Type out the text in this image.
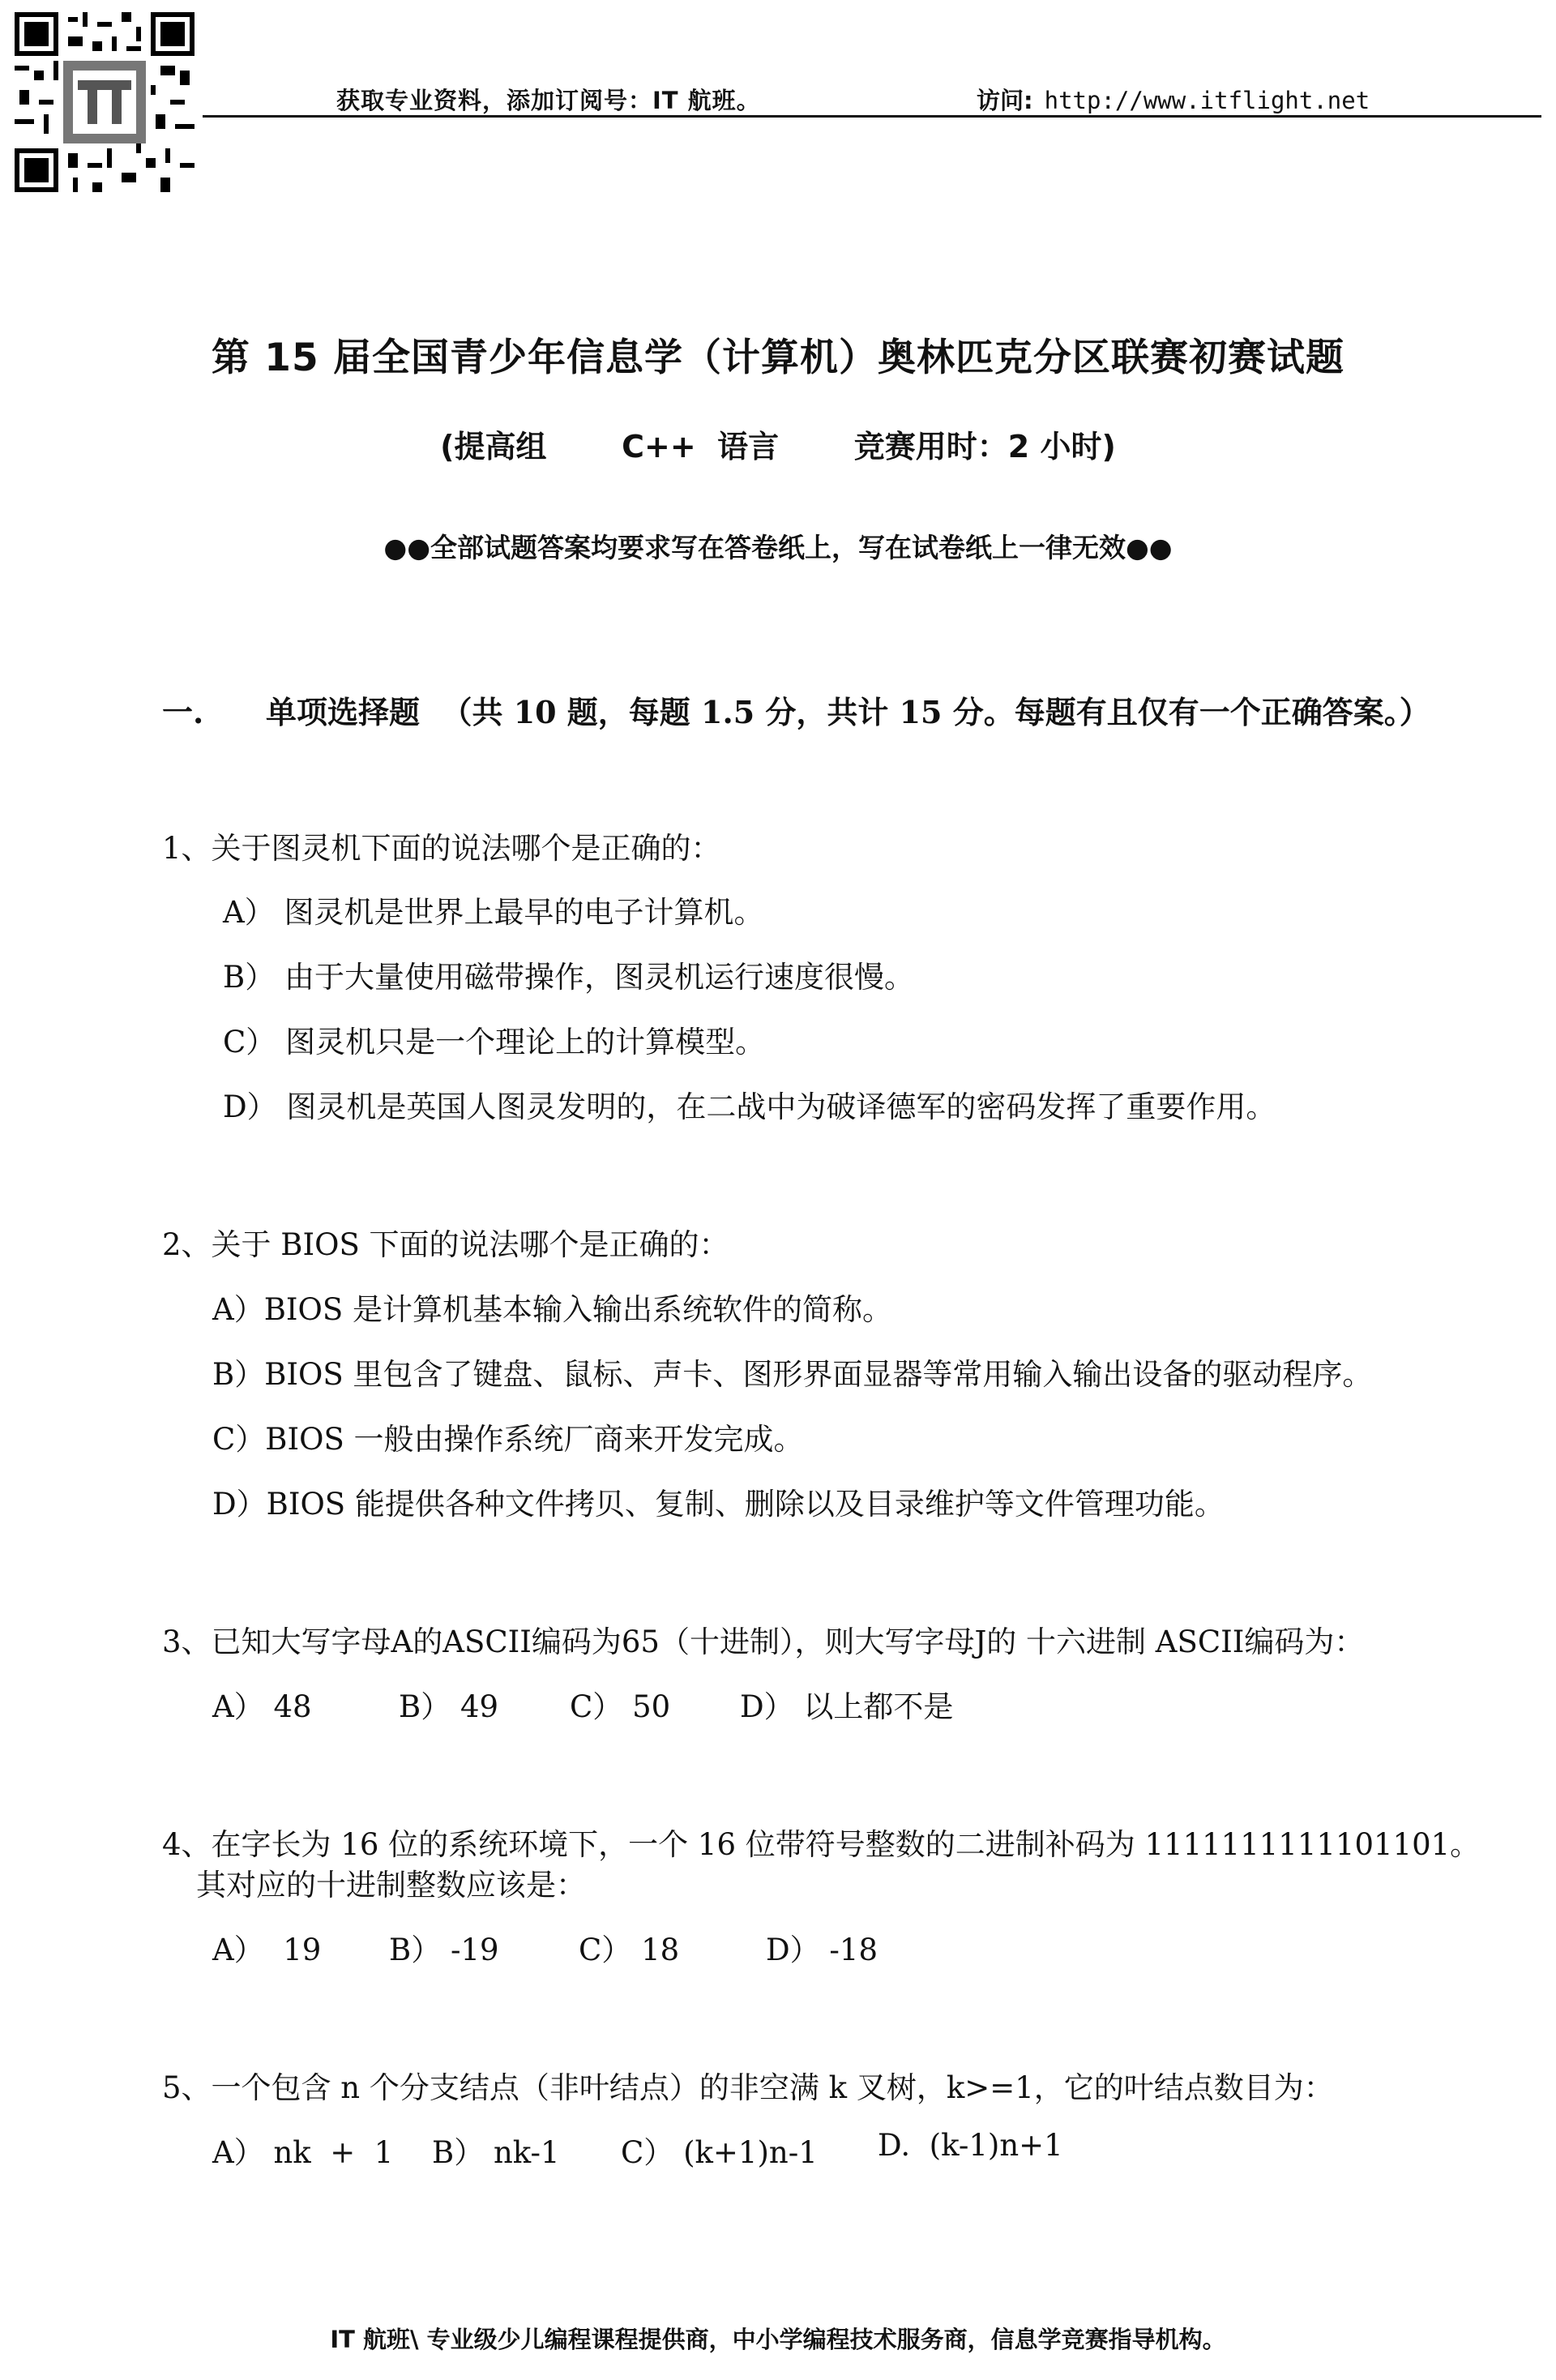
获取专业资料，添加订阅号：IT 航班。	访问: http://www.itflight.net
第 15 届全国青少年信息学（计算机）奥林匹克分区联赛初赛试题
(提高组       C++  语言       竞赛用时：2 小时)
●●全部试题答案均要求写在答卷纸上，写在试卷纸上一律无效●●
一. 单项选择题  （共 10 题，每题 1.5 分，共计 15 分。每题有且仅有一个正确答案。）
1、关于图灵机下面的说法哪个是正确的：
A） 图灵机是世界上最早的电子计算机。
B） 由于大量使用磁带操作，图灵机运行速度很慢。
C） 图灵机只是一个理论上的计算模型。
D） 图灵机是英国人图灵发明的，在二战中为破译德军的密码发挥了重要作用。
2、关于 BIOS 下面的说法哪个是正确的：
A）BIOS 是计算机基本输入输出系统软件的简称。
B）BIOS 里包含了键盘、鼠标、声卡、图形界面显器等常用输入输出设备的驱动程序。
C）BIOS 一般由操作系统厂商来开发完成。
D）BIOS 能提供各种文件拷贝、复制、删除以及目录维护等文件管理功能。
3、已知大写字母A的ASCII编码为65（十进制），则大写字母J的 十六进制 ASCII编码为：
A） 48	B） 49 C） 50 D） 以上都不是
4、在字长为 16 位的系统环境下，一个 16 位带符号整数的二进制补码为 1111111111101101。
其对应的十进制整数应该是：
A）  19 B） -19	C） 18	D） -18
5、一个包含 n 个分支结点（非叶结点）的非空满 k 叉树，k>=1，它的叶结点数目为：
A） nk  +  1 B） nk-1 C） (k+1)n-1 D.  (k-1)n+1
IT 航班\ 专业级少儿编程课程提供商，中小学编程技术服务商，信息学竞赛指导机构。
